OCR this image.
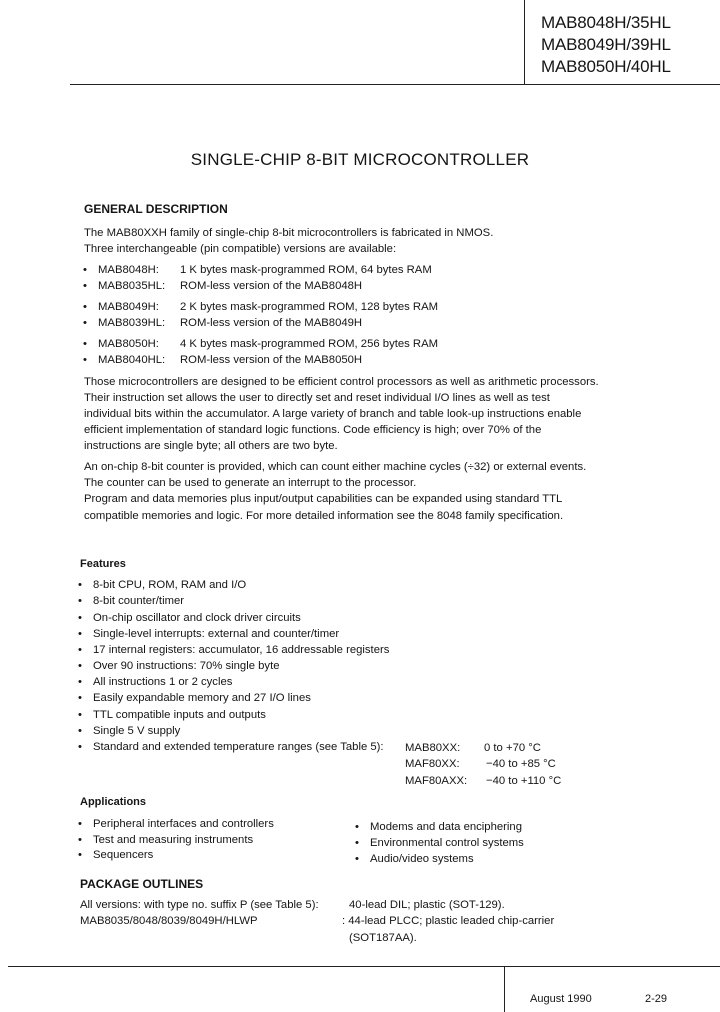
MAB8048H/35HL
MAB8049H/39HL
MAB8050H/40HL
SINGLE-CHIP 8-BIT MICROCONTROLLER
GENERAL DESCRIPTION
The MAB80XXH family of single-chip 8-bit microcontrollers is fabricated in NMOS.
Three interchangeable (pin compatible) versions are available:
• MAB8048H: 1 K bytes mask-programmed ROM, 64 bytes RAM
• MAB8035HL: ROM-less version of the MAB8048H
• MAB8049H: 2 K bytes mask-programmed ROM, 128 bytes RAM
• MAB8039HL: ROM-less version of the MAB8049H
• MAB8050H: 4 K bytes mask-programmed ROM, 256 bytes RAM
• MAB8040HL: ROM-less version of the MAB8050H
Those microcontrollers are designed to be efficient control processors as well as arithmetic processors.
Their instruction set allows the user to directly set and reset individual I/O lines as well as test
individual bits within the accumulator. A large variety of branch and table look-up instructions enable
efficient implementation of standard logic functions. Code efficiency is high; over 70% of the
instructions are single byte; all others are two byte.
An on-chip 8-bit counter is provided, which can count either machine cycles (÷32) or external events.
The counter can be used to generate an interrupt to the processor.
Program and data memories plus input/output capabilities can be expanded using standard TTL
compatible memories and logic. For more detailed information see the 8048 family specification.
Features
• 8-bit CPU, ROM, RAM and I/O
• 8-bit counter/timer
• On-chip oscillator and clock driver circuits
• Single-level interrupts: external and counter/timer
• 17 internal registers: accumulator, 16 addressable registers
• Over 90 instructions: 70% single byte
• All instructions 1 or 2 cycles
• Easily expandable memory and 27 I/O lines
• TTL compatible inputs and outputs
• Single 5 V supply
• Standard and extended temperature ranges (see Table 5): MAB80XX: 0 to +70 °C
MAF80XX: −40 to +85 °C
MAF80AXX: −40 to +110 °C
Applications
• Peripheral interfaces and controllers
• Test and measuring instruments
• Sequencers
• Modems and data enciphering
• Environmental control systems
• Audio/video systems
PACKAGE OUTLINES
All versions: with type no. suffix P (see Table 5):	40-lead DIL; plastic (SOT-129).
MAB8035/8048/8039/8049H/HLWP	: 44-lead PLCC; plastic leaded chip-carrier
(SOT187AA).
August 1990	2-29
